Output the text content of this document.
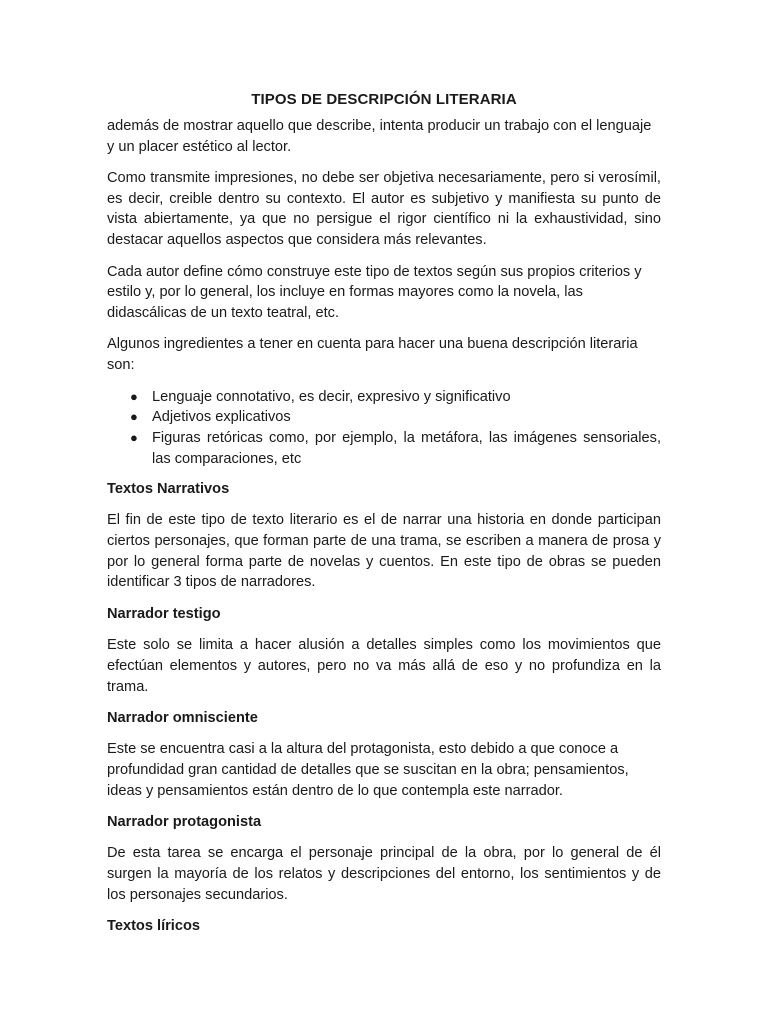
TIPOS DE DESCRIPCIÓN LITERARIA

además de mostrar aquello que describe, intenta producir un trabajo con el lenguaje y un placer estético al lector.

Como transmite impresiones, no debe ser objetiva necesariamente, pero si verosímil, es decir, creible dentro su contexto. El autor es subjetivo y manifiesta su punto de vista abiertamente, ya que no persigue el rigor científico ni la exhaustividad, sino destacar aquellos aspectos que considera más relevantes.

Cada autor define cómo construye este tipo de textos según sus propios criterios y estilo y, por lo general, los incluye en formas mayores como la novela, las didascálicas de un texto teatral, etc.

Algunos ingredientes a tener en cuenta para hacer una buena descripción literaria son:

● Lenguaje connotativo, es decir, expresivo y significativo
● Adjetivos explicativos
● Figuras retóricas como, por ejemplo, la metáfora, las imágenes sensoriales, las comparaciones, etc
Textos Narrativos

El fin de este tipo de texto literario es el de narrar una historia en donde participan ciertos personajes, que forman parte de una trama, se escriben a manera de prosa y por lo general forma parte de novelas y cuentos. En este tipo de obras se pueden identificar 3 tipos de narradores.

Narrador testigo

Este solo se limita a hacer alusión a detalles simples como los movimientos que efectúan elementos y autores, pero no va más allá de eso y no profundiza en la trama.

Narrador omnisciente

Este se encuentra casi a la altura del protagonista, esto debido a que conoce a profundidad gran cantidad de detalles que se suscitan en la obra; pensamientos, ideas y pensamientos están dentro de lo que contempla este narrador.

Narrador protagonista

De esta tarea se encarga el personaje principal de la obra, por lo general de él surgen la mayoría de los relatos y descripciones del entorno, los sentimientos y de los personajes secundarios.

Textos líricos
